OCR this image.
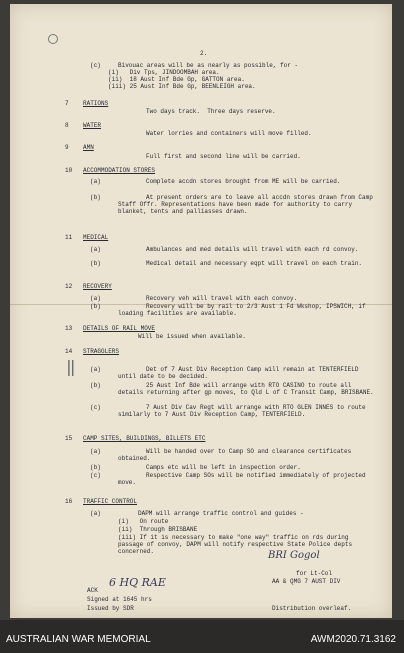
2.
(c)	Bivouac areas will be as nearly as possible, for -
(i)   Div Tps, JINDOOMBAH area.
(ii)  18 Aust Inf Bde Gp, GATTON area.
(iii) 25 Aust Inf Bde Gp, BEENLEIGH area.
7 RATIONS
Two days track.  Three days reserve.
8 WATER
Water lorries and containers will move filled.
9 AMN
Full first and second line will be carried.
10 ACCOMMODATION STORES
(a)	Complete accdn stores brought from ME will be carried.
(b)	At present orders are to leave all accdn stores drawn from Camp Staff Offr. Representations have been made for authority to carry blanket, tents and palliasses drawn.
11 MEDICAL
(a)	Ambulances and med details will travel with each rd convoy.
(b)	Medical detail and necessary eqpt will travel on each train.
12 RECOVERY
(a)	Recovery veh will travel with each convoy.
(b)	Recovery will be by rail to 2/3 Aust 1 Fd Wkshop, IPSWICH, if loading facilities are available.
13 DETAILS OF RAIL MOVE
Will be issued when available.
14 STRAGGLERS
‖ (a)	Det of 7 Aust Div Reception Camp will remain at TENTERFIELD until date to be decided.
(b)	25 Aust Inf Bde will arrange with RTO CASINO to route all details returning after gp moves, to Qld L of C Transit Camp, BRISBANE.
(c)	7 Aust Div Cav Regt will arrange with RTO GLEN INNES to route similarly to 7 Aust Div Reception Camp, TENTERFIELD.
15 CAMP SITES, BUILDINGS, BILLETS ETC
(a)	Will be handed over to Camp SO and clearance certificates obtained.
(b)	Camps etc will be left in inspection order.
(c)	Respective Camp SOs will be notified immediately of projected move.
16 TRAFFIC CONTROL
(a)	DAPM will arrange traffic control and guides -
(i)   On route
(ii)  Through BRISBANE
(iii) If it is necessary to make "one way" traffic on rds during passage of convoy, DAPM will notify respective State Police depts concerned.	BRI Gogol
for Lt-Col
AA & QMG 7 AUST DIV
ACK
6 HQ RAE
Signed at 1645 hrs
Issued by SDR	Distribution overleaf.
AUSTRALIAN WAR MEMORIAL	AWM2020.71.3162
